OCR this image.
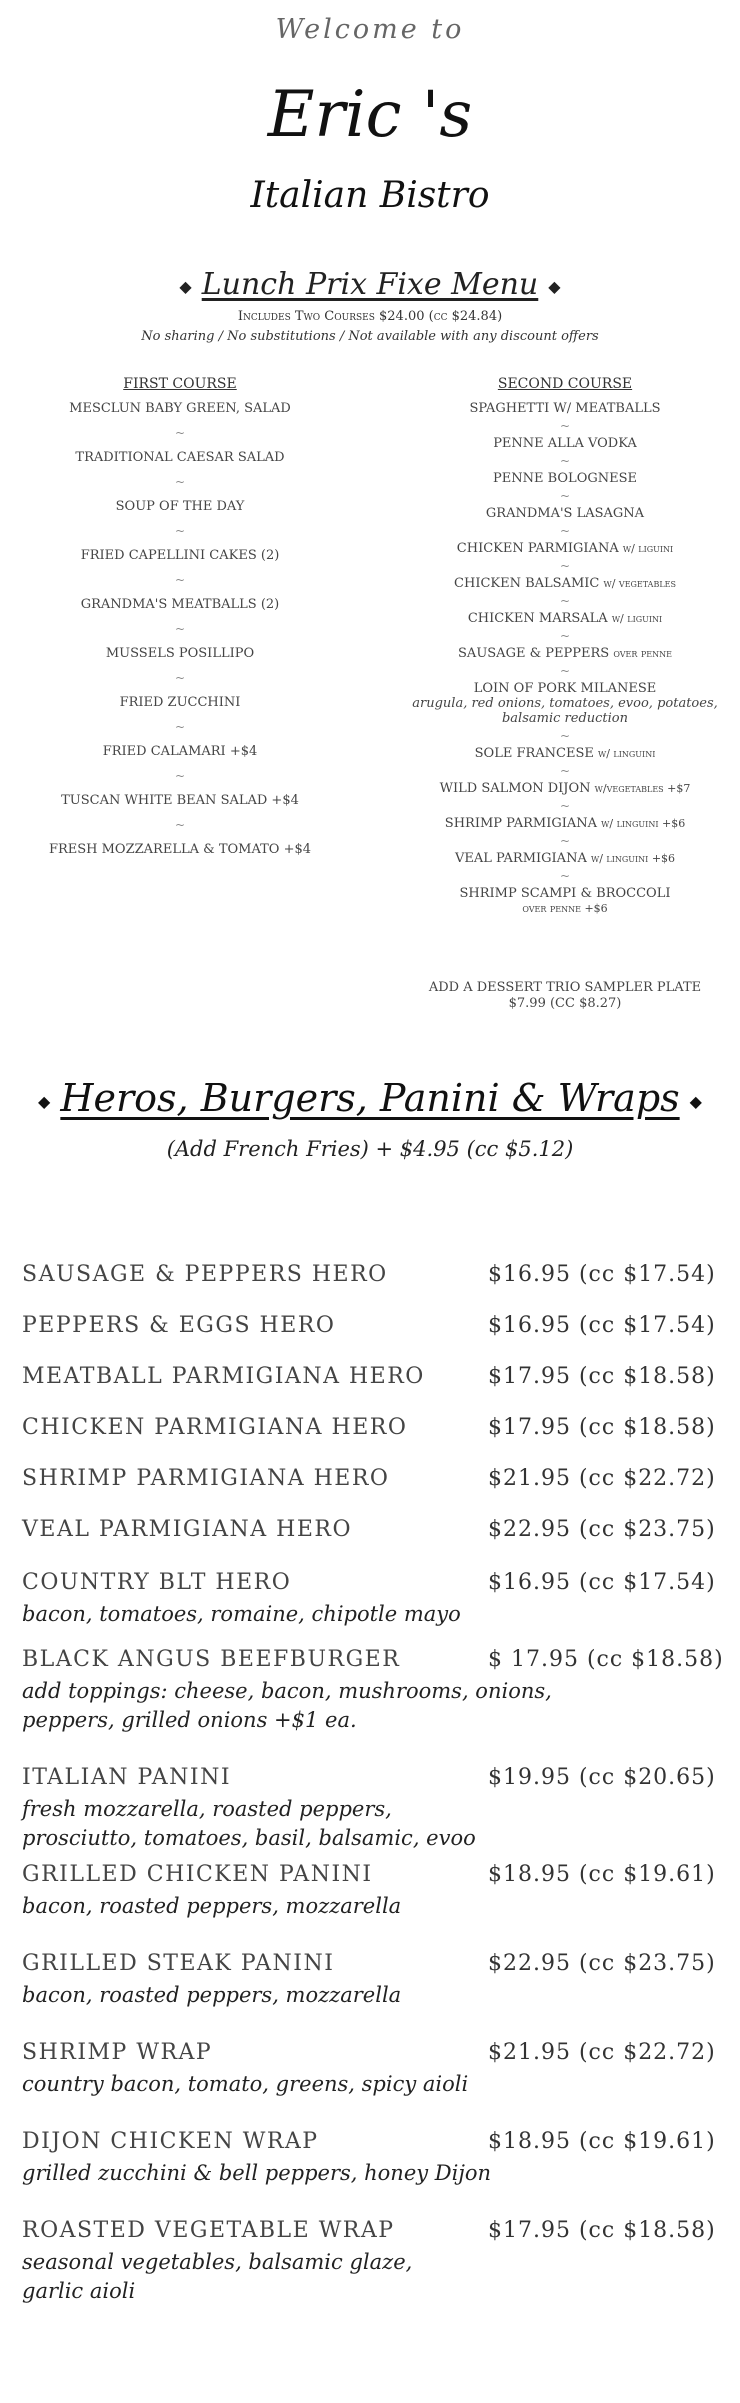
Welcome to
Eric 's
Italian Bistro
◆ Lunch Prix Fixe Menu ◆
Includes Two Courses $24.00 (cc $24.84)
No sharing / No substitutions / Not available with any discount offers
FIRST COURSE
MESCLUN BABY GREEN, SALAD
~
TRADITIONAL CAESAR SALAD
~
SOUP OF THE DAY
~
FRIED CAPELLINI CAKES (2)
~
GRANDMA'S MEATBALLS (2)
~
MUSSELS POSILLIPO
~
FRIED ZUCCHINI
~
FRIED CALAMARI +$4
~
TUSCAN WHITE BEAN SALAD +$4
~
FRESH MOZZARELLA & TOMATO +$4
SECOND COURSE
SPAGHETTI W/ MEATBALLS
~
PENNE ALLA VODKA
~
PENNE BOLOGNESE
~
GRANDMA'S LASAGNA
~
CHICKEN PARMIGIANA w/ liguini
~
CHICKEN BALSAMIC w/ vegetables
~
CHICKEN MARSALA w/ liguini
~
SAUSAGE & PEPPERS over penne
~
LOIN OF PORK MILANESE
arugula, red onions, tomatoes, evoo, potatoes, balsamic reduction
~
SOLE FRANCESE w/ linguini
~
WILD SALMON DIJON w/vegetables +$7
~
SHRIMP PARMIGIANA w/ linguini +$6
~
VEAL PARMIGIANA w/ linguini +$6
~
SHRIMP SCAMPI & BROCCOLI
over penne +$6
ADD A DESSERT TRIO SAMPLER PLATE
$7.99 (CC $8.27)
◆ Heros, Burgers, Panini & Wraps ◆
(Add French Fries) + $4.95 (cc $5.12)
SAUSAGE & PEPPERS HERO	$16.95 (cc $17.54)
PEPPERS & EGGS HERO	$16.95 (cc $17.54)
MEATBALL PARMIGIANA HERO	$17.95 (cc $18.58)
CHICKEN PARMIGIANA HERO	$17.95 (cc $18.58)
SHRIMP PARMIGIANA HERO	$21.95 (cc $22.72)
VEAL PARMIGIANA HERO	$22.95 (cc $23.75)
COUNTRY BLT HERO	$16.95 (cc $17.54)
bacon, tomatoes, romaine, chipotle mayo
BLACK ANGUS BEEFBURGER	$ 17.95 (cc $18.58)
add toppings: cheese, bacon, mushrooms, onions,
peppers, grilled onions +$1 ea.
ITALIAN PANINI	$19.95 (cc $20.65)
fresh mozzarella, roasted peppers,
prosciutto, tomatoes, basil, balsamic, evoo
GRILLED CHICKEN PANINI	$18.95 (cc $19.61)
bacon, roasted peppers, mozzarella
GRILLED STEAK PANINI	$22.95 (cc $23.75)
bacon, roasted peppers, mozzarella
SHRIMP WRAP	$21.95 (cc $22.72)
country bacon, tomato, greens, spicy aioli
DIJON CHICKEN WRAP	$18.95 (cc $19.61)
grilled zucchini & bell peppers, honey Dijon
ROASTED VEGETABLE WRAP	$17.95 (cc $18.58)
seasonal vegetables, balsamic glaze,
garlic aioli
